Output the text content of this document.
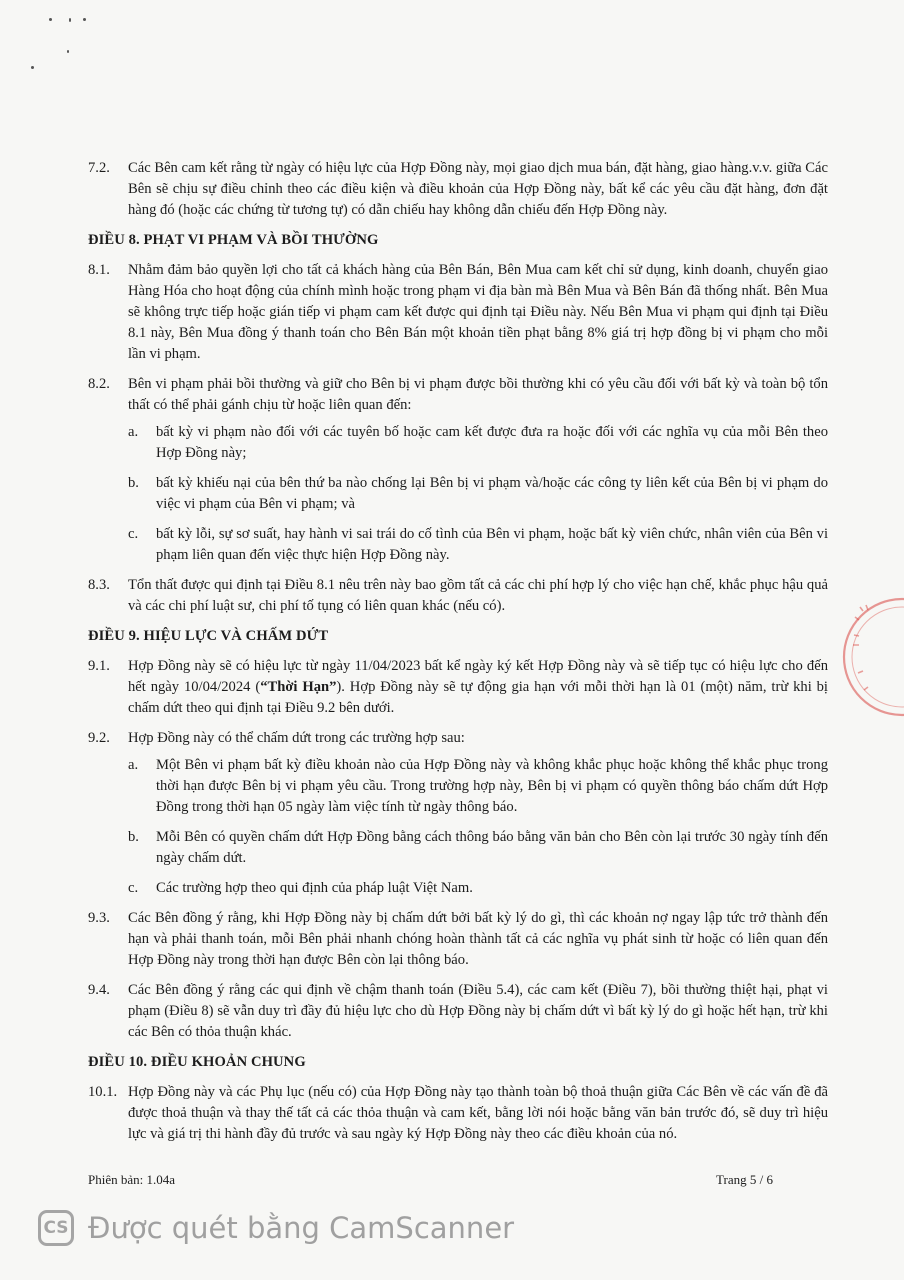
7.2.	Các Bên cam kết rằng từ ngày có hiệu lực của Hợp Đồng này, mọi giao dịch mua bán, đặt hàng, giao hàng.v.v. giữa Các Bên sẽ chịu sự điều chỉnh theo các điều kiện và điều khoản của Hợp Đồng này, bất kể các yêu cầu đặt hàng, đơn đặt hàng đó (hoặc các chứng từ tương tự) có dẫn chiếu hay không dẫn chiếu đến Hợp Đồng này.
ĐIỀU 8. PHẠT VI PHẠM VÀ BỒI THƯỜNG
8.1.	Nhằm đảm bảo quyền lợi cho tất cả khách hàng của Bên Bán, Bên Mua cam kết chỉ sử dụng, kinh doanh, chuyển giao Hàng Hóa cho hoạt động của chính mình hoặc trong phạm vi địa bàn mà Bên Mua và Bên Bán đã thống nhất. Bên Mua sẽ không trực tiếp hoặc gián tiếp vi phạm cam kết được qui định tại Điều này. Nếu Bên Mua vi phạm qui định tại Điều 8.1 này, Bên Mua đồng ý thanh toán cho Bên Bán một khoản tiền phạt bằng 8% giá trị hợp đồng bị vi phạm cho mỗi lần vi phạm.
8.2.	Bên vi phạm phải bồi thường và giữ cho Bên bị vi phạm được bồi thường khi có yêu cầu đối với bất kỳ và toàn bộ tổn thất có thể phải gánh chịu từ hoặc liên quan đến:
a.	bất kỳ vi phạm nào đối với các tuyên bố hoặc cam kết được đưa ra hoặc đối với các nghĩa vụ của mỗi Bên theo Hợp Đồng này;
b.	bất kỳ khiếu nại của bên thứ ba nào chống lại Bên bị vi phạm và/hoặc các công ty liên kết của Bên bị vi phạm do việc vi phạm của Bên vi phạm; và
c.	bất kỳ lỗi, sự sơ suất, hay hành vi sai trái do cố tình của Bên vi phạm, hoặc bất kỳ viên chức, nhân viên của Bên vi phạm liên quan đến việc thực hiện Hợp Đồng này.
8.3.	Tổn thất được qui định tại Điều 8.1 nêu trên này bao gồm tất cả các chi phí hợp lý cho việc hạn chế, khắc phục hậu quả và các chi phí luật sư, chi phí tố tụng có liên quan khác (nếu có).
ĐIỀU 9. HIỆU LỰC VÀ CHẤM DỨT
9.1.	Hợp Đồng này sẽ có hiệu lực từ ngày 11/04/2023 bất kể ngày ký kết Hợp Đồng này và sẽ tiếp tục có hiệu lực cho đến hết ngày 10/04/2024 (“Thời Hạn”). Hợp Đồng này sẽ tự động gia hạn với mỗi thời hạn là 01 (một) năm, trừ khi bị chấm dứt theo qui định tại Điều 9.2 bên dưới.
9.2.	Hợp Đồng này có thể chấm dứt trong các trường hợp sau:
a.	Một Bên vi phạm bất kỳ điều khoản nào của Hợp Đồng này và không khắc phục hoặc không thể khắc phục trong thời hạn được Bên bị vi phạm yêu cầu. Trong trường hợp này, Bên bị vi phạm có quyền thông báo chấm dứt Hợp Đồng trong thời hạn 05 ngày làm việc tính từ ngày thông báo.
b.	Mỗi Bên có quyền chấm dứt Hợp Đồng bằng cách thông báo bằng văn bản cho Bên còn lại trước 30 ngày tính đến ngày chấm dứt.
c.	Các trường hợp theo qui định của pháp luật Việt Nam.
9.3.	Các Bên đồng ý rằng, khi Hợp Đồng này bị chấm dứt bởi bất kỳ lý do gì, thì các khoản nợ ngay lập tức trở thành đến hạn và phải thanh toán, mỗi Bên phải nhanh chóng hoàn thành tất cả các nghĩa vụ phát sinh từ hoặc có liên quan đến Hợp Đồng này trong thời hạn được Bên còn lại thông báo.
9.4.	Các Bên đồng ý rằng các qui định về chậm thanh toán (Điều 5.4), các cam kết (Điều 7), bồi thường thiệt hại, phạt vi phạm (Điều 8) sẽ vẫn duy trì đầy đủ hiệu lực cho dù Hợp Đồng này bị chấm dứt vì bất kỳ lý do gì hoặc hết hạn, trừ khi các Bên có thỏa thuận khác.
ĐIỀU 10. ĐIỀU KHOẢN CHUNG
10.1. Hợp Đồng này và các Phụ lục (nếu có) của Hợp Đồng này tạo thành toàn bộ thoả thuận giữa Các Bên về các vấn đề đã được thoả thuận và thay thế tất cả các thỏa thuận và cam kết, bằng lời nói hoặc bằng văn bản trước đó, sẽ duy trì hiệu lực và giá trị thi hành đầy đủ trước và sau ngày ký Hợp Đồng này theo các điều khoản của nó.
Phiên bản: 1.04a	Trang 5 / 6
CS Được quét bằng CamScanner
